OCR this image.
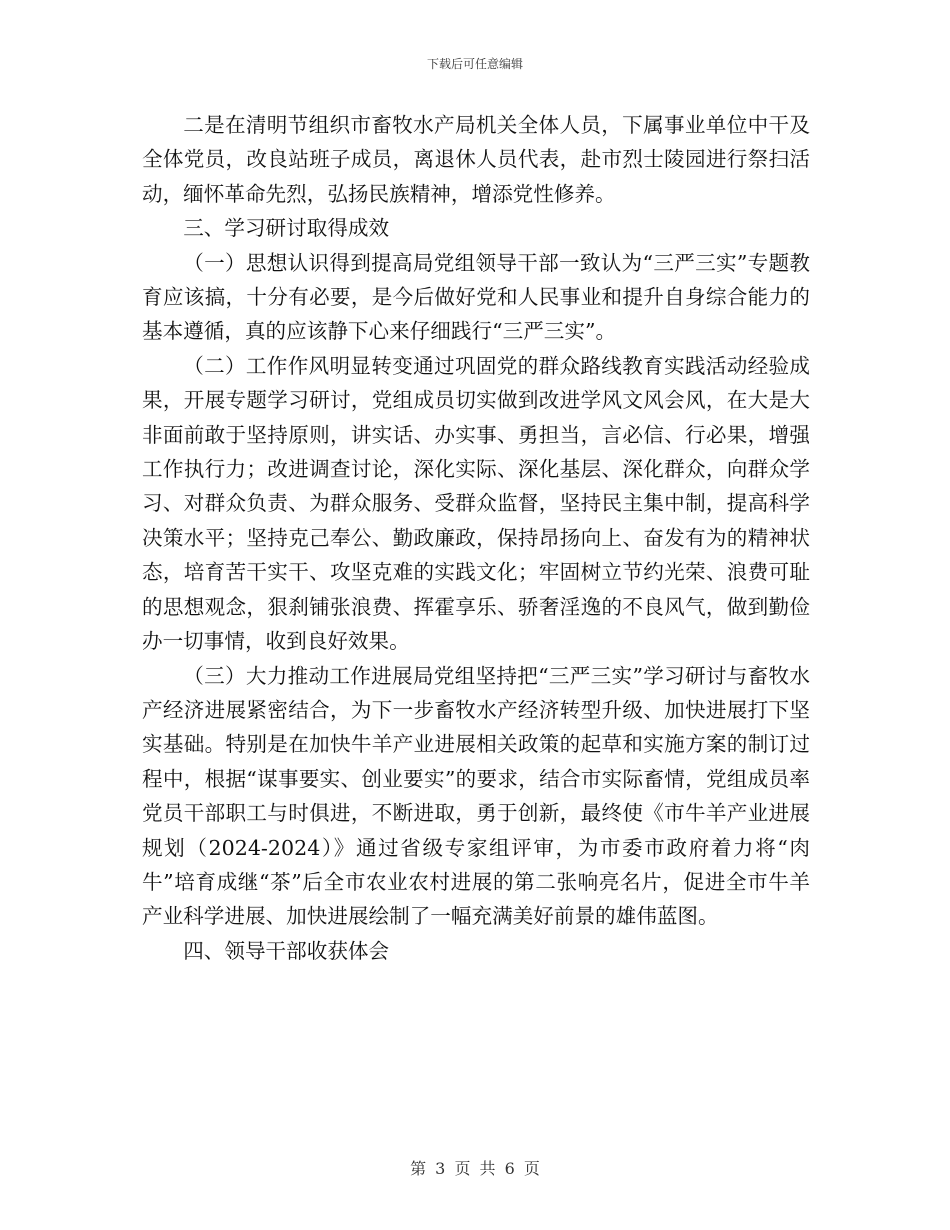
下载后可任意编辑

二是在清明节组织市畜牧水产局机关全体人员，下属事业单位中干及全体党员，改良站班子成员，离退休人员代表，赴市烈士陵园进行祭扫活动，缅怀革命先烈，弘扬民族精神，增添党性修养。

三、学习研讨取得成效

（一）思想认识得到提高局党组领导干部一致认为“三严三实”专题教育应该搞，十分有必要，是今后做好党和人民事业和提升自身综合能力的基本遵循，真的应该静下心来仔细践行“三严三实”。

（二）工作作风明显转变通过巩固党的群众路线教育实践活动经验成果，开展专题学习研讨，党组成员切实做到改进学风文风会风，在大是大非面前敢于坚持原则，讲实话、办实事、勇担当，言必信、行必果，增强工作执行力；改进调查讨论，深化实际、深化基层、深化群众，向群众学习、对群众负责、为群众服务、受群众监督，坚持民主集中制，提高科学决策水平；坚持克己奉公、勤政廉政，保持昂扬向上、奋发有为的精神状态，培育苦干实干、攻坚克难的实践文化；牢固树立节约光荣、浪费可耻的思想观念，狠刹铺张浪费、挥霍享乐、骄奢淫逸的不良风气，做到勤俭办一切事情，收到良好效果。

（三）大力推动工作进展局党组坚持把“三严三实”学习研讨与畜牧水产经济进展紧密结合，为下一步畜牧水产经济转型升级、加快进展打下坚实基础。特别是在加快牛羊产业进展相关政策的起草和实施方案的制订过程中，根据“谋事要实、创业要实”的要求，结合市实际畜情，党组成员率党员干部职工与时俱进，不断进取，勇于创新，最终使《市牛羊产业进展规划（2024-2024）》通过省级专家组评审，为市委市政府着力将“肉牛”培育成继“茶”后全市农业农村进展的第二张响亮名片，促进全市牛羊产业科学进展、加快进展绘制了一幅充满美好前景的雄伟蓝图。

四、领导干部收获体会

第 3 页 共 6 页
